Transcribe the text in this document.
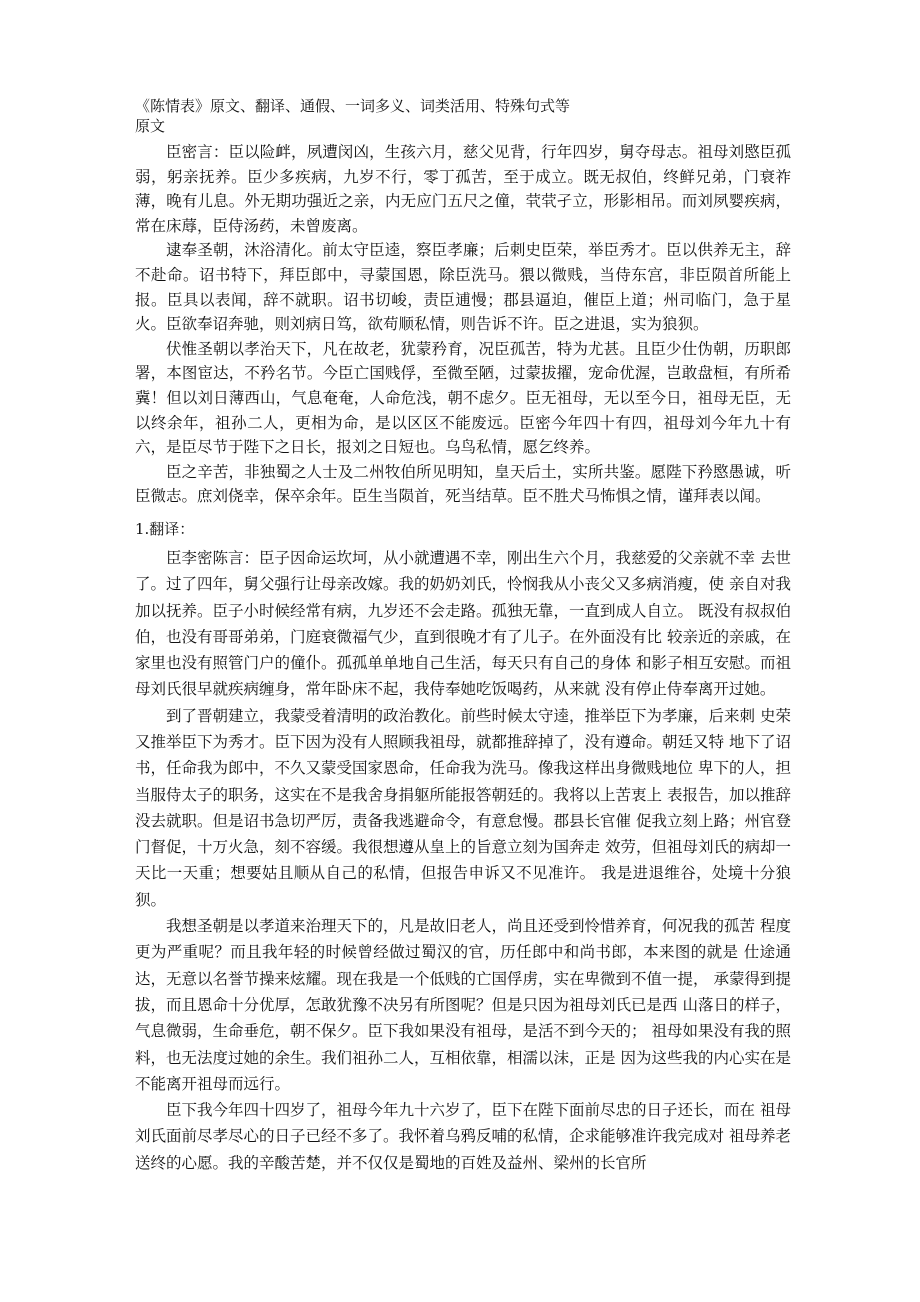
《陈情表》原文、翻译、通假、一词多义、词类活用、特殊句式等

原文

臣密言：臣以险衅，夙遭闵凶，生孩六月，慈父见背，行年四岁，舅夺母志。祖母刘愍臣孤弱，躬亲抚养。臣少多疾病，九岁不行，零丁孤苦，至于成立。既无叔伯，终鲜兄弟，门衰祚薄，晚有儿息。外无期功强近之亲，内无应门五尺之僮，茕茕孑立，形影相吊。而刘夙婴疾病，常在床蓐，臣侍汤药，未曾废离。

逮奉圣朝，沐浴清化。前太守臣逵，察臣孝廉；后刺史臣荣，举臣秀才。臣以供养无主，辞不赴命。诏书特下，拜臣郎中，寻蒙国恩，除臣洗马。猥以微贱，当侍东宫，非臣陨首所能上报。臣具以表闻，辞不就职。诏书切峻，责臣逋慢；郡县逼迫，催臣上道；州司临门，急于星火。臣欲奉诏奔驰，则刘病日笃，欲苟顺私情，则告诉不许。臣之进退，实为狼狈。

伏惟圣朝以孝治天下，凡在故老，犹蒙矜育，况臣孤苦，特为尤甚。且臣少仕伪朝，历职郎署，本图宦达，不矜名节。今臣亡国贱俘，至微至陋，过蒙拔擢，宠命优渥，岂敢盘桓，有所希冀！但以刘日薄西山，气息奄奄，人命危浅，朝不虑夕。臣无祖母，无以至今日，祖母无臣，无以终余年，祖孙二人，更相为命，是以区区不能废远。臣密今年四十有四，祖母刘今年九十有六，是臣尽节于陛下之日长，报刘之日短也。乌鸟私情，愿乞终养。

臣之辛苦，非独蜀之人士及二州牧伯所见明知，皇天后土，实所共鉴。愿陛下矜愍愚诚，听臣微志。庶刘侥幸，保卒余年。臣生当陨首，死当结草。臣不胜犬马怖惧之情，谨拜表以闻。

1.翻译：

臣李密陈言：臣子因命运坎坷，从小就遭遇不幸，刚出生六个月，我慈爱的父亲就不幸 去世了。过了四年，舅父强行让母亲改嫁。我的奶奶刘氏，怜悯我从小丧父又多病消瘦，使 亲自对我加以抚养。臣子小时候经常有病，九岁还不会走路。孤独无靠，一直到成人自立。 既没有叔叔伯伯，也没有哥哥弟弟，门庭衰微福气少，直到很晚才有了儿子。在外面没有比 较亲近的亲戚，在家里也没有照管门户的僮仆。孤孤单单地自己生活，每天只有自己的身体 和影子相互安慰。而祖母刘氏很早就疾病缠身，常年卧床不起，我侍奉她吃饭喝药，从来就 没有停止侍奉离开过她。

到了晋朝建立，我蒙受着清明的政治教化。前些时候太守逵，推举臣下为孝廉，后来刺 史荣又推举臣下为秀才。臣下因为没有人照顾我祖母，就都推辞掉了，没有遵命。朝廷又特 地下了诏书，任命我为郎中，不久又蒙受国家恩命，任命我为洗马。像我这样出身微贱地位 卑下的人，担当服侍太子的职务，这实在不是我舍身捐躯所能报答朝廷的。我将以上苦衷上 表报告，加以推辞没去就职。但是诏书急切严厉，责备我逃避命令，有意怠慢。郡县长官催 促我立刻上路；州官登门督促，十万火急，刻不容缓。我很想遵从皇上的旨意立刻为国奔走 效劳，但祖母刘氏的病却一天比一天重；想要姑且顺从自己的私情，但报告申诉又不见准许。 我是进退维谷，处境十分狼狈。

我想圣朝是以孝道来治理天下的，凡是故旧老人，尚且还受到怜惜养育，何况我的孤苦 程度更为严重呢？而且我年轻的时候曾经做过蜀汉的官，历任郎中和尚书郎，本来图的就是 仕途通达，无意以名誉节操来炫耀。现在我是一个低贱的亡国俘虏，实在卑微到不值一提， 承蒙得到提拔，而且恩命十分优厚，怎敢犹豫不决另有所图呢？但是只因为祖母刘氏已是西 山落日的样子，气息微弱，生命垂危，朝不保夕。臣下我如果没有祖母，是活不到今天的； 祖母如果没有我的照料，也无法度过她的余生。我们祖孙二人，互相依靠，相濡以沫，正是 因为这些我的内心实在是不能离开祖母而远行。

臣下我今年四十四岁了，祖母今年九十六岁了，臣下在陛下面前尽忠的日子还长，而在 祖母刘氏面前尽孝尽心的日子已经不多了。我怀着乌鸦反哺的私情，企求能够准许我完成对 祖母养老送终的心愿。我的辛酸苦楚，并不仅仅是蜀地的百姓及益州、梁州的长官所
